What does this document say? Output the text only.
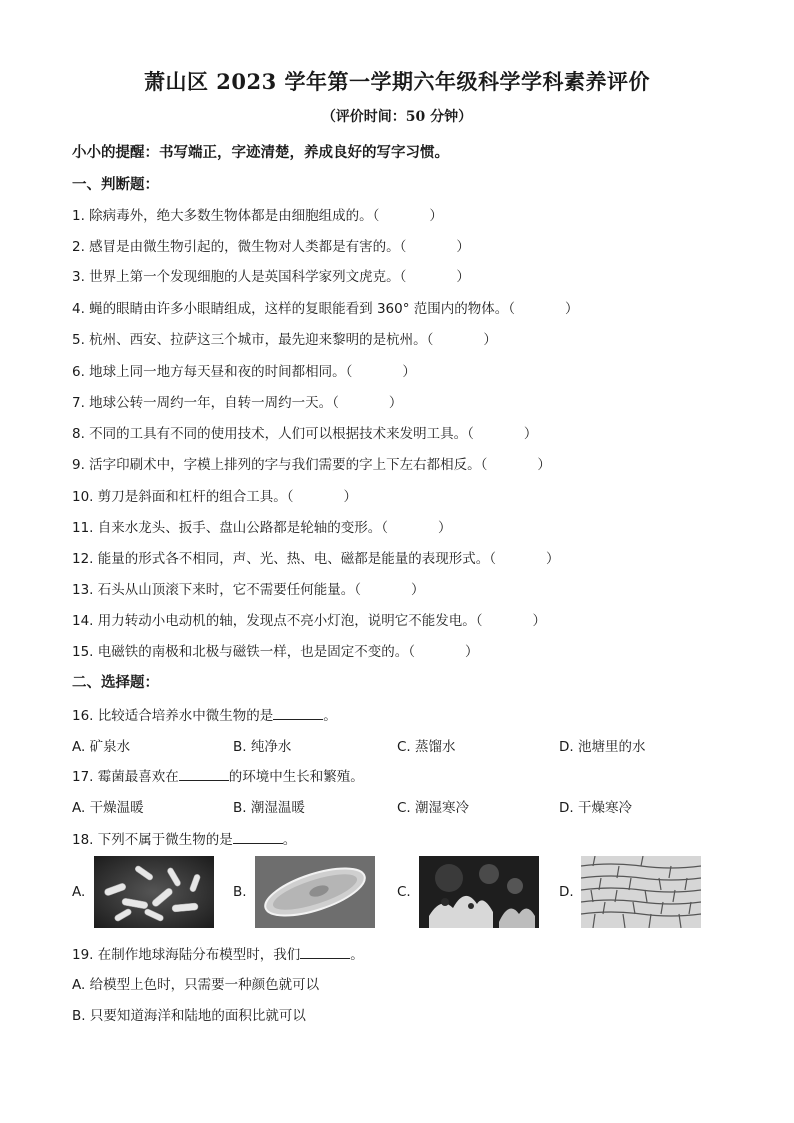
萧山区 2023 学年第一学期六年级科学学科素养评价
（评价时间：50 分钟）
小小的提醒：书写端正，字迹清楚，养成良好的写字习惯。
一、判断题：
1. 除病毒外，绝大多数生物体都是由细胞组成的。（	）
2. 感冒是由微生物引起的，微生物对人类都是有害的。（	）
3. 世界上第一个发现细胞的人是英国科学家列文虎克。（	）
4. 蝇的眼睛由许多小眼睛组成，这样的复眼能看到 360° 范围内的物体。（	）
5. 杭州、西安、拉萨这三个城市，最先迎来黎明的是杭州。（	）
6. 地球上同一地方每天昼和夜的时间都相同。（	）
7. 地球公转一周约一年，自转一周约一天。（	）
8. 不同的工具有不同的使用技术，人们可以根据技术来发明工具。（	）
9. 活字印刷术中，字模上排列的字与我们需要的字上下左右都相反。（	）
10. 剪刀是斜面和杠杆的组合工具。（	）
11. 自来水龙头、扳手、盘山公路都是轮轴的变形。（	）
12. 能量的形式各不相同，声、光、热、电、磁都是能量的表现形式。（	）
13. 石头从山顶滚下来时，它不需要任何能量。（	）
14. 用力转动小电动机的轴，发现点不亮小灯泡，说明它不能发电。（	）
15. 电磁铁的南极和北极与磁铁一样，也是固定不变的。（	）
二、选择题：
16. 比较适合培养水中微生物的是	。
A. 矿泉水	B. 纯净水	C. 蒸馏水	D. 池塘里的水
17. 霉菌最喜欢在	的环境中生长和繁殖。
A. 干燥温暖	B. 潮湿温暖	C. 潮湿寒冷	D. 干燥寒冷
18. 下列不属于微生物的是	。
A.	B.	C.	D.
19. 在制作地球海陆分布模型时，我们	。
A. 给模型上色时，只需要一种颜色就可以
B. 只要知道海洋和陆地的面积比就可以
